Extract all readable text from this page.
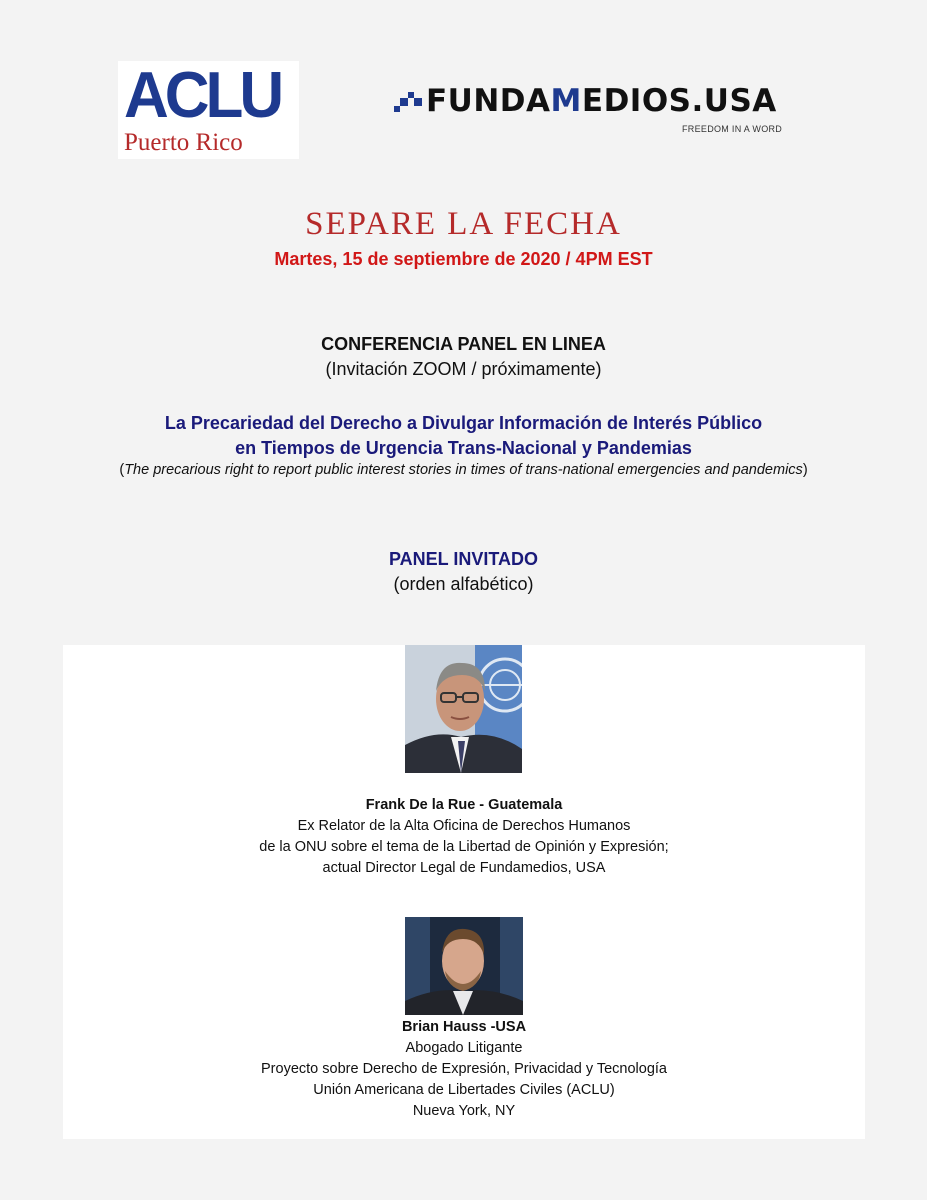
ACLU
Puerto Rico
FUNDAMEDIOS.USA
FREEDOM IN A WORD
SEPARE LA FECHA
Martes, 15 de septiembre de 2020 / 4PM EST
CONFERENCIA PANEL EN LINEA
(Invitación ZOOM / próximamente)
La Precariedad del Derecho a Divulgar Información de Interés Público
en Tiempos de Urgencia Trans-Nacional y Pandemias
(The precarious right to report public interest stories in times of trans-national emergencies and pandemics)
PANEL INVITADO
(orden alfabético)
Frank De la Rue - Guatemala
Ex Relator de la Alta Oficina de Derechos Humanos
de la ONU sobre el tema de la Libertad de Opinión y Expresión;
actual Director Legal de Fundamedios, USA
Brian Hauss -USA
Abogado Litigante
Proyecto sobre Derecho de Expresión, Privacidad y Tecnología
Unión Americana de Libertades Civiles (ACLU)
Nueva York, NY
